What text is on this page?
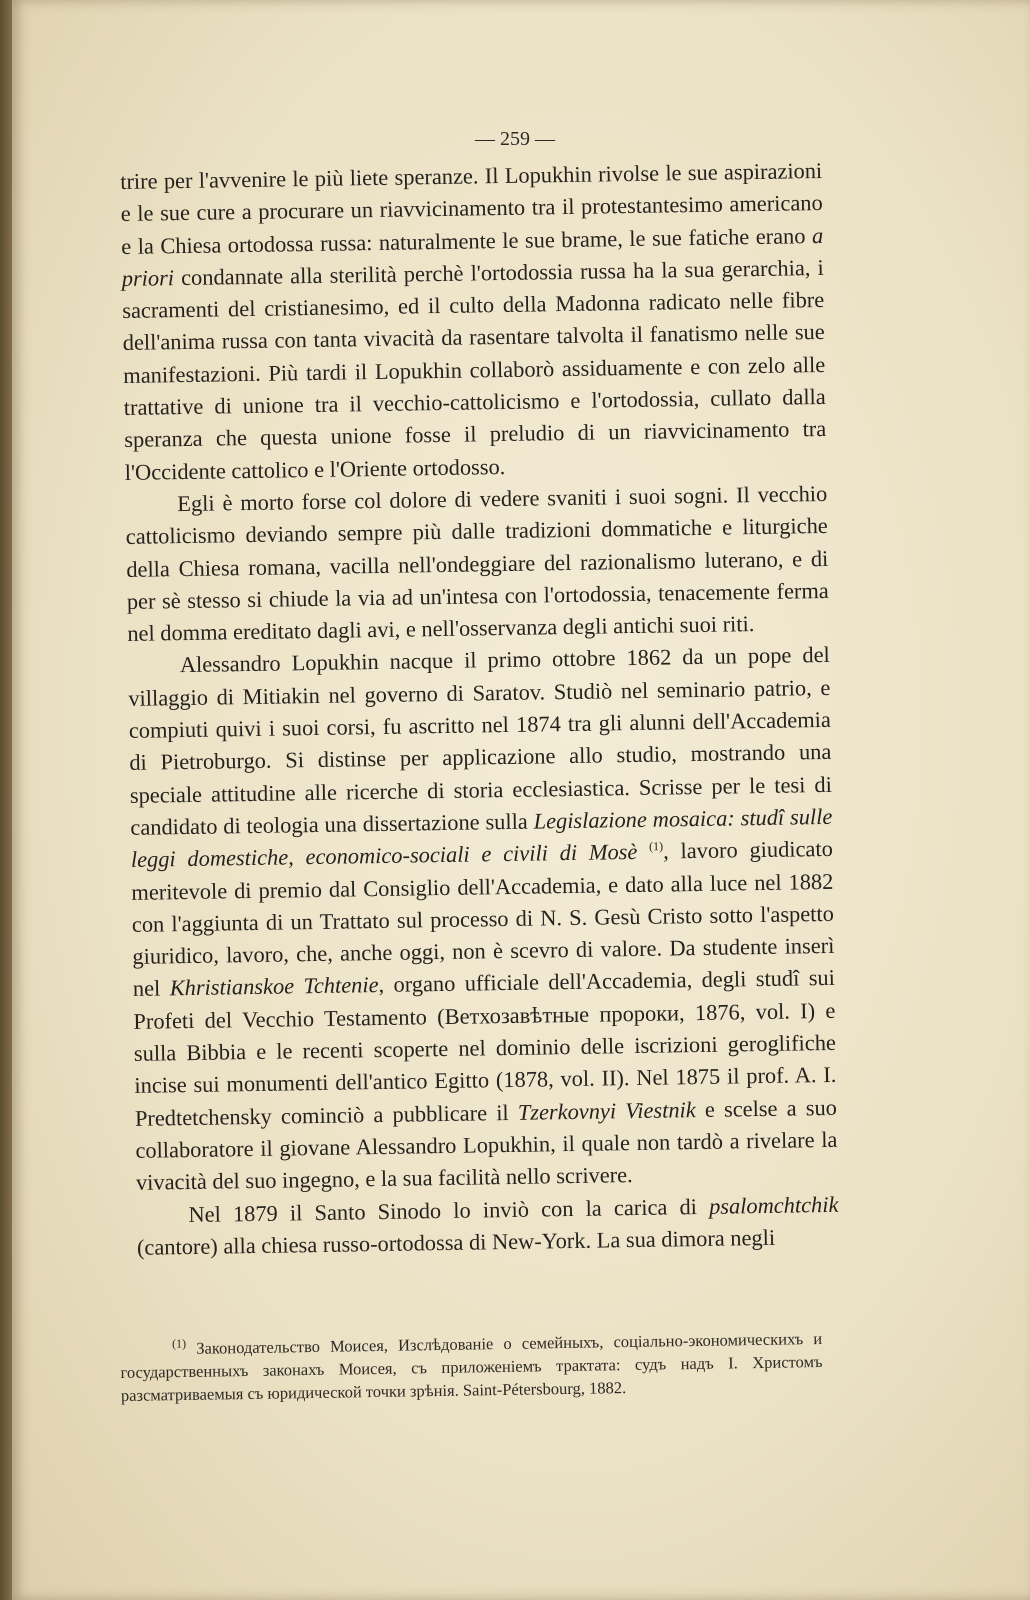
— 259 —

trire per l'avvenire le più liete speranze. Il Lopukhin rivolse le sue aspirazioni e le sue cure a procurare un riavvicinamento tra il protestantesimo americano e la Chiesa ortodossa russa: naturalmente le sue brame, le sue fatiche erano a priori condannate alla sterilità perchè l'ortodossia russa ha la sua gerarchia, i sacramenti del cristianesimo, ed il culto della Madonna radicato nelle fibre dell'anima russa con tanta vivacità da rasentare talvolta il fanatismo nelle sue manifestazioni. Più tardi il Lopukhin collaborò assiduamente e con zelo alle trattative di unione tra il vecchio-cattolicismo e l'ortodossia, cullato dalla speranza che questa unione fosse il preludio di un riavvicinamento tra l'Occidente cattolico e l'Oriente ortodosso.

Egli è morto forse col dolore di vedere svaniti i suoi sogni. Il vecchio cattolicismo deviando sempre più dalle tradizioni dommatiche e liturgiche della Chiesa romana, vacilla nell'ondeggiare del razionalismo luterano, e di per sè stesso si chiude la via ad un'intesa con l'ortodossia, tenacemente ferma nel domma ereditato dagli avi, e nell'osservanza degli antichi suoi riti.

Alessandro Lopukhin nacque il primo ottobre 1862 da un pope del villaggio di Mitiakin nel governo di Saratov. Studiò nel seminario patrio, e compiuti quivi i suoi corsi, fu ascritto nel 1874 tra gli alunni dell'Accademia di Pietroburgo. Si distinse per applicazione allo studio, mostrando una speciale attitudine alle ricerche di storia ecclesiastica. Scrisse per le tesi di candidato di teologia una dissertazione sulla Legislazione mosaica: studî sulle leggi domestiche, economico-sociali e civili di Mosè $^{(1)}$, lavoro giudicato meritevole di premio dal Consiglio dell'Accademia, e dato alla luce nel 1882 con l'aggiunta di un Trattato sul processo di N. S. Gesù Cristo sotto l'aspetto giuridico, lavoro, che, anche oggi, non è scevro di valore. Da studente inserì nel Khristianskoe Tchtenie, organo ufficiale dell'Accademia, degli studî sui Profeti del Vecchio Testamento (Ветхозавѣтные пророки, 1876, vol. I) e sulla Bibbia e le recenti scoperte nel dominio delle iscrizioni geroglifiche incise sui monumenti dell'antico Egitto (1878, vol. II). Nel 1875 il prof. A. I. Predtetchensky cominciò a pubblicare il Tzerkovnyi Viestnik e scelse a suo collaboratore il giovane Alessandro Lopukhin, il quale non tardò a rivelare la vivacità del suo ingegno, e la sua facilità nello scrivere.

Nel 1879 il Santo Sinodo lo inviò con la carica di psalomchtchik (cantore) alla chiesa russo-ortodossa di New-York. La sua dimora negli

$^{(1)}$ Законодательство Моисея, Изслѣдованіе о семейныхъ, соціально-экономическихъ и государственныхъ законахъ Моисея, съ приложеніемъ трактата: судъ надъ І. Христомъ разсматриваемыя съ юридической точки зрѣнія. Saint-Pétersbourg, 1882.
